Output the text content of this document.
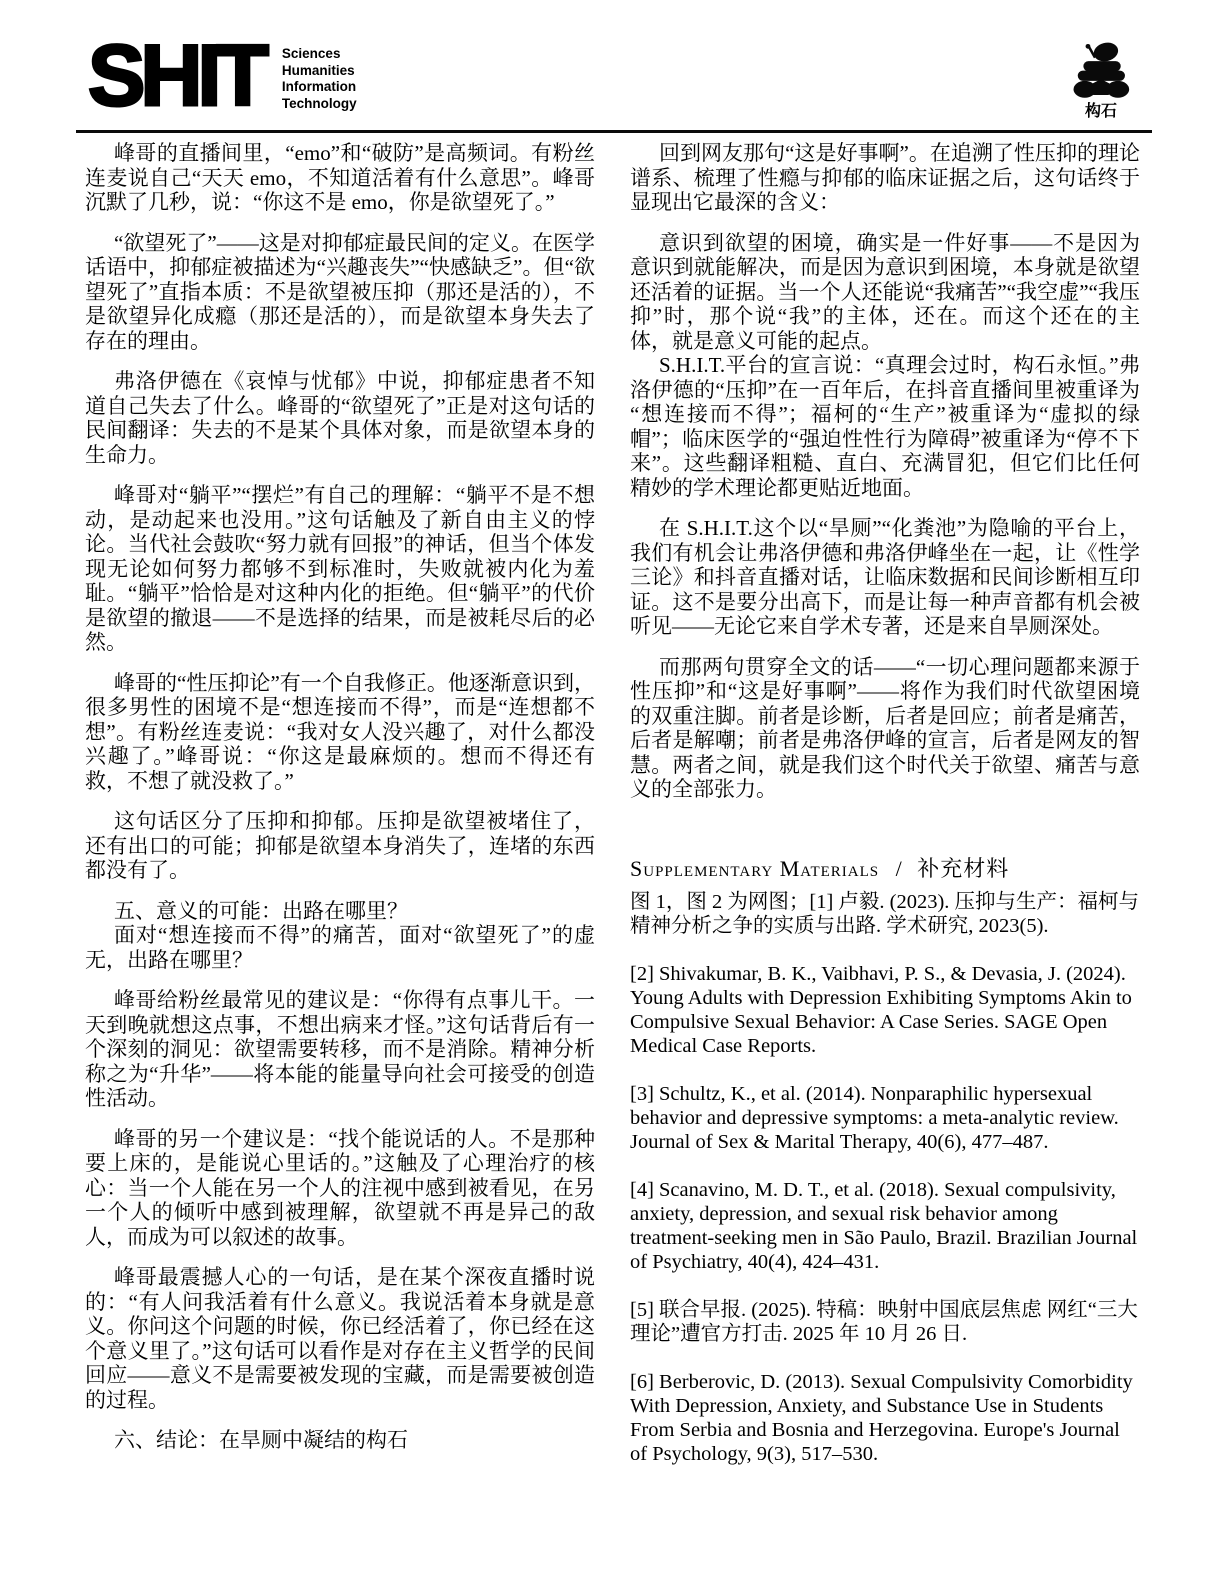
SHIT Sciences
Humanities
Information
Technology	构石

峰哥的直播间里，“emo”和“破防”是高频词。有粉丝连麦说自己“天天 emo，不知道活着有什么意思”。峰哥沉默了几秒，说：“你这不是 emo，你是欲望死了。”

“欲望死了”——这是对抑郁症最民间的定义。在医学话语中，抑郁症被描述为“兴趣丧失”“快感缺乏”。但“欲望死了”直指本质：不是欲望被压抑（那还是活的），不是欲望异化成瘾（那还是活的），而是欲望本身失去了存在的理由。

弗洛伊德在《哀悼与忧郁》中说，抑郁症患者不知道自己失去了什么。峰哥的“欲望死了”正是对这句话的民间翻译：失去的不是某个具体对象，而是欲望本身的生命力。

峰哥对“躺平”“摆烂”有自己的理解：“躺平不是不想动，是动起来也没用。”这句话触及了新自由主义的悖论。当代社会鼓吹“努力就有回报”的神话，但当个体发现无论如何努力都够不到标准时，失败就被内化为羞耻。“躺平”恰恰是对这种内化的拒绝。但“躺平”的代价是欲望的撤退——不是选择的结果，而是被耗尽后的必然。

峰哥的“性压抑论”有一个自我修正。他逐渐意识到，很多男性的困境不是“想连接而不得”，而是“连想都不想”。有粉丝连麦说：“我对女人没兴趣了，对什么都没兴趣了。”峰哥说：“你这是最麻烦的。想而不得还有救，不想了就没救了。”

这句话区分了压抑和抑郁。压抑是欲望被堵住了，还有出口的可能；抑郁是欲望本身消失了，连堵的东西都没有了。

五、意义的可能：出路在哪里？

面对“想连接而不得”的痛苦，面对“欲望死了”的虚无，出路在哪里？

峰哥给粉丝最常见的建议是：“你得有点事儿干。一天到晚就想这点事，不想出病来才怪。”这句话背后有一个深刻的洞见：欲望需要转移，而不是消除。精神分析称之为“升华”——将本能的能量导向社会可接受的创造性活动。

峰哥的另一个建议是：“找个能说话的人。不是那种要上床的，是能说心里话的。”这触及了心理治疗的核心：当一个人能在另一个人的注视中感到被看见，在另一个人的倾听中感到被理解，欲望就不再是异己的敌人，而成为可以叙述的故事。

峰哥最震撼人心的一句话，是在某个深夜直播时说的：“有人问我活着有什么意义。我说活着本身就是意义。你问这个问题的时候，你已经活着了，你已经在这个意义里了。”这句话可以看作是对存在主义哲学的民间回应——意义不是需要被发现的宝藏，而是需要被创造的过程。

六、结论：在旱厕中凝结的构石

回到网友那句“这是好事啊”。在追溯了性压抑的理论谱系、梳理了性瘾与抑郁的临床证据之后，这句话终于显现出它最深的含义：

意识到欲望的困境，确实是一件好事——不是因为意识到就能解决，而是因为意识到困境，本身就是欲望还活着的证据。当一个人还能说“我痛苦”“我空虚”“我压抑”时，那个说“我”的主体，还在。而这个还在的主体，就是意义可能的起点。

S.H.I.T.平台的宣言说：“真理会过时，构石永恒。”弗洛伊德的“压抑”在一百年后，在抖音直播间里被重译为“想连接而不得”；福柯的“生产”被重译为“虚拟的绿帽”；临床医学的“强迫性性行为障碍”被重译为“停不下来”。这些翻译粗糙、直白、充满冒犯，但它们比任何精妙的学术理论都更贴近地面。

在 S.H.I.T.这个以“旱厕”“化粪池”为隐喻的平台上，我们有机会让弗洛伊德和弗洛伊峰坐在一起，让《性学三论》和抖音直播对话，让临床数据和民间诊断相互印证。这不是要分出高下，而是让每一种声音都有机会被听见——无论它来自学术专著，还是来自旱厕深处。

而那两句贯穿全文的话——“一切心理问题都来源于性压抑”和“这是好事啊”——将作为我们时代欲望困境的双重注脚。前者是诊断，后者是回应；前者是痛苦，后者是解嘲；前者是弗洛伊峰的宣言，后者是网友的智慧。两者之间，就是我们这个时代关于欲望、痛苦与意义的全部张力。

Supplementary Materials / 补充材料

图 1，图 2 为网图；[1] 卢毅. (2023). 压抑与生产：福柯与精神分析之争的实质与出路. 学术研究, 2023(5).

[2] Shivakumar, B. K., Vaibhavi, P. S., & Devasia, J. (2024). Young Adults with Depression Exhibiting Symptoms Akin to Compulsive Sexual Behavior: A Case Series. SAGE Open Medical Case Reports.

[3] Schultz, K., et al. (2014). Nonparaphilic hypersexual behavior and depressive symptoms: a meta-analytic review. Journal of Sex & Marital Therapy, 40(6), 477–487.

[4] Scanavino, M. D. T., et al. (2018). Sexual compulsivity, anxiety, depression, and sexual risk behavior among treatment-seeking men in São Paulo, Brazil. Brazilian Journal of Psychiatry, 40(4), 424–431.

[5] 联合早报. (2025). 特稿：映射中国底层焦虑 网红“三大理论”遭官方打击. 2025 年 10 月 26 日.

[6] Berberovic, D. (2013). Sexual Compulsivity Comorbidity With Depression, Anxiety, and Substance Use in Students From Serbia and Bosnia and Herzegovina. Europe's Journal of Psychology, 9(3), 517–530.
